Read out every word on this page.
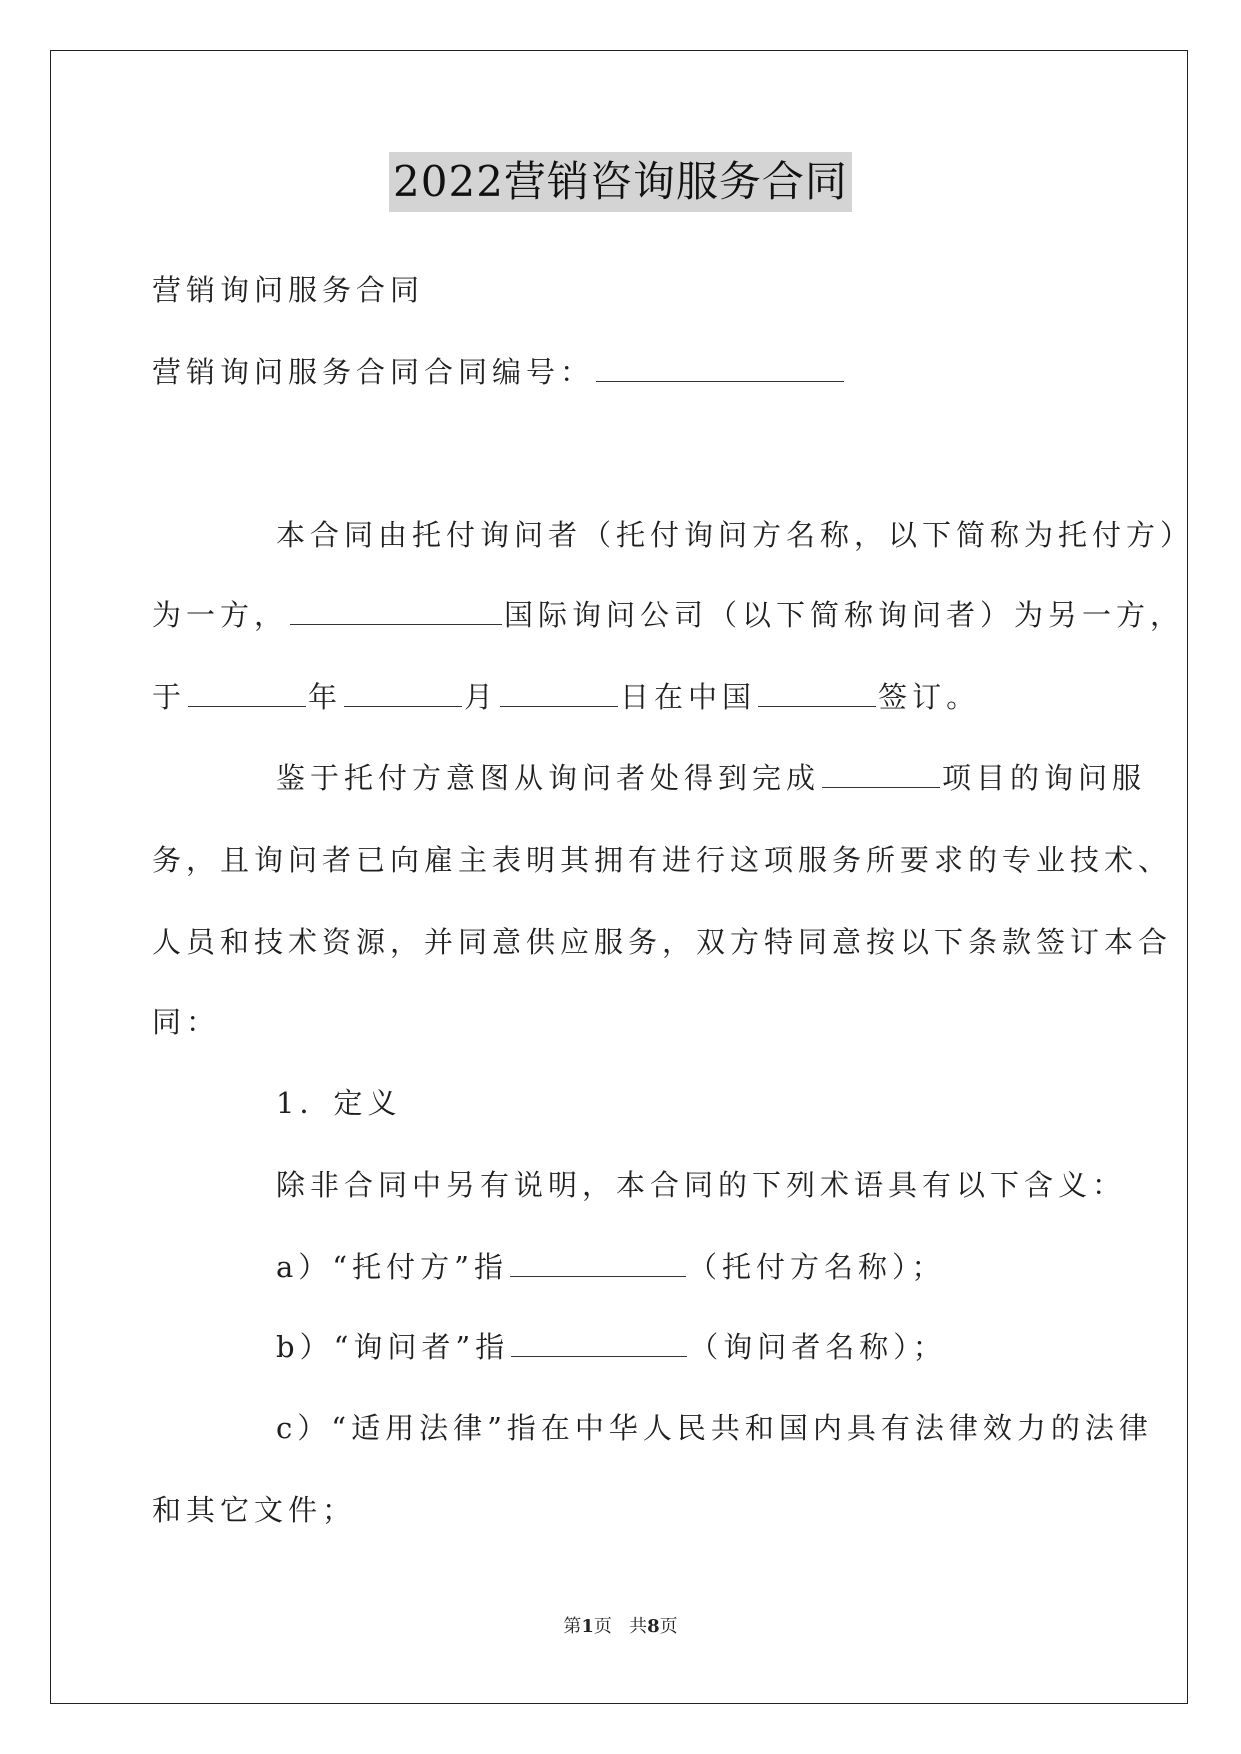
2022营销咨询服务合同
营销询问服务合同
营销询问服务合同合同编号：
本合同由托付询问者（托付询问方名称，以下简称为托付方）
为一方，	国际询问公司（以下简称询问者）为另一方，
于	年	月	日在中国	签订。
鉴于托付方意图从询问者处得到完成	项目的询问服
务，且询问者已向雇主表明其拥有进行这项服务所要求的专业技术、
人员和技术资源，并同意供应服务，双方特同意按以下条款签订本合
同：
1．定义
除非合同中另有说明，本合同的下列术语具有以下含义：
a）“托付方”指	（托付方名称）；
b）“询问者”指	（询问者名称）；
c）“适用法律”指在中华人民共和国内具有法律效力的法律
和其它文件；
第1页 共8页
